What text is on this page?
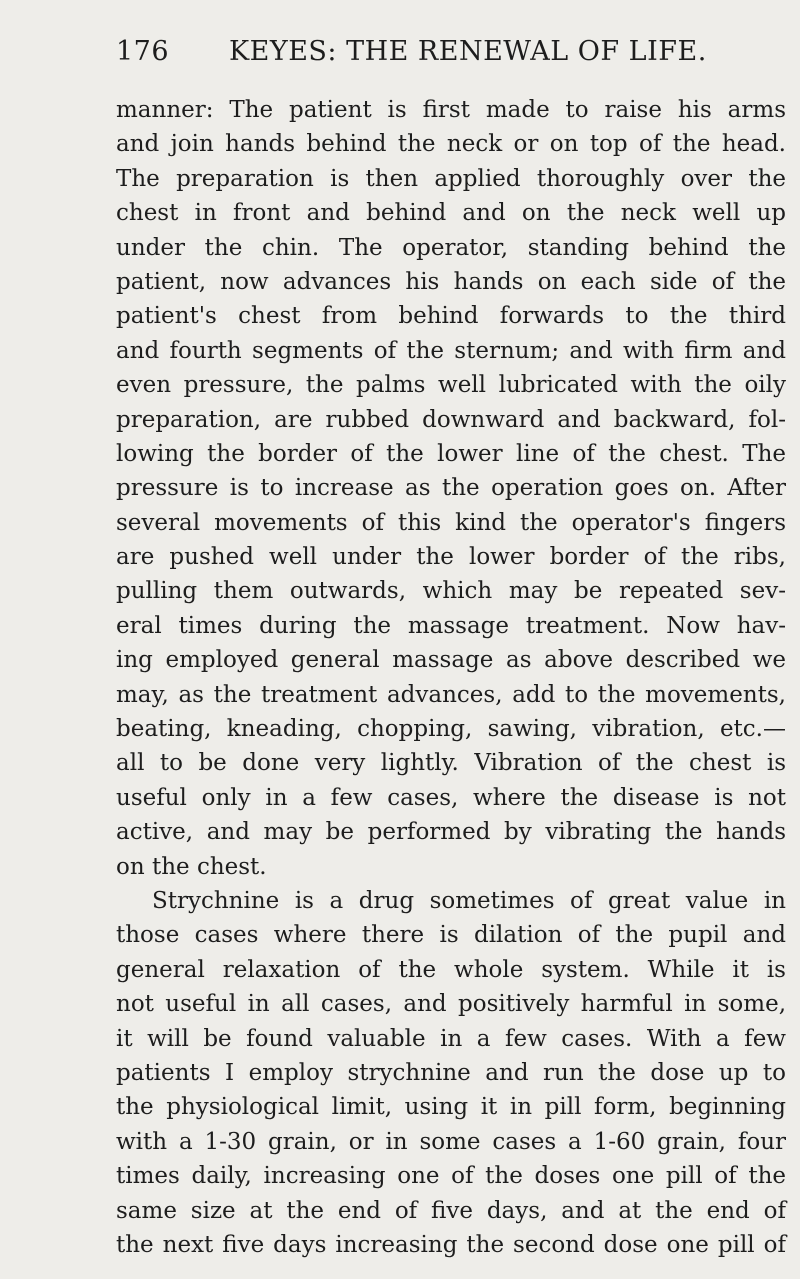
176 KEYES: THE RENEWAL OF LIFE.
manner: The patient is first made to raise his arms
and join hands behind the neck or on top of the head.
The preparation is then applied thoroughly over the
chest in front and behind and on the neck well up
under the chin. The operator, standing behind the
patient, now advances his hands on each side of the
patient's chest from behind forwards to the third
and fourth segments of the sternum; and with firm and
even pressure, the palms well lubricated with the oily
preparation, are rubbed downward and backward, fol-
lowing the border of the lower line of the chest. The
pressure is to increase as the operation goes on. After
several movements of this kind the operator's fingers
are pushed well under the lower border of the ribs,
pulling them outwards, which may be repeated sev-
eral times during the massage treatment. Now hav-
ing employed general massage as above described we
may, as the treatment advances, add to the movements,
beating, kneading, chopping, sawing, vibration, etc.—
all to be done very lightly. Vibration of the chest is
useful only in a few cases, where the disease is not
active, and may be performed by vibrating the hands
on the chest.
Strychnine is a drug sometimes of great value in
those cases where there is dilation of the pupil and
general relaxation of the whole system. While it is
not useful in all cases, and positively harmful in some,
it will be found valuable in a few cases. With a few
patients I employ strychnine and run the dose up to
the physiological limit, using it in pill form, beginning
with a 1-30 grain, or in some cases a 1-60 grain, four
times daily, increasing one of the doses one pill of the
same size at the end of five days, and at the end of
the next five days increasing the second dose one pill of
